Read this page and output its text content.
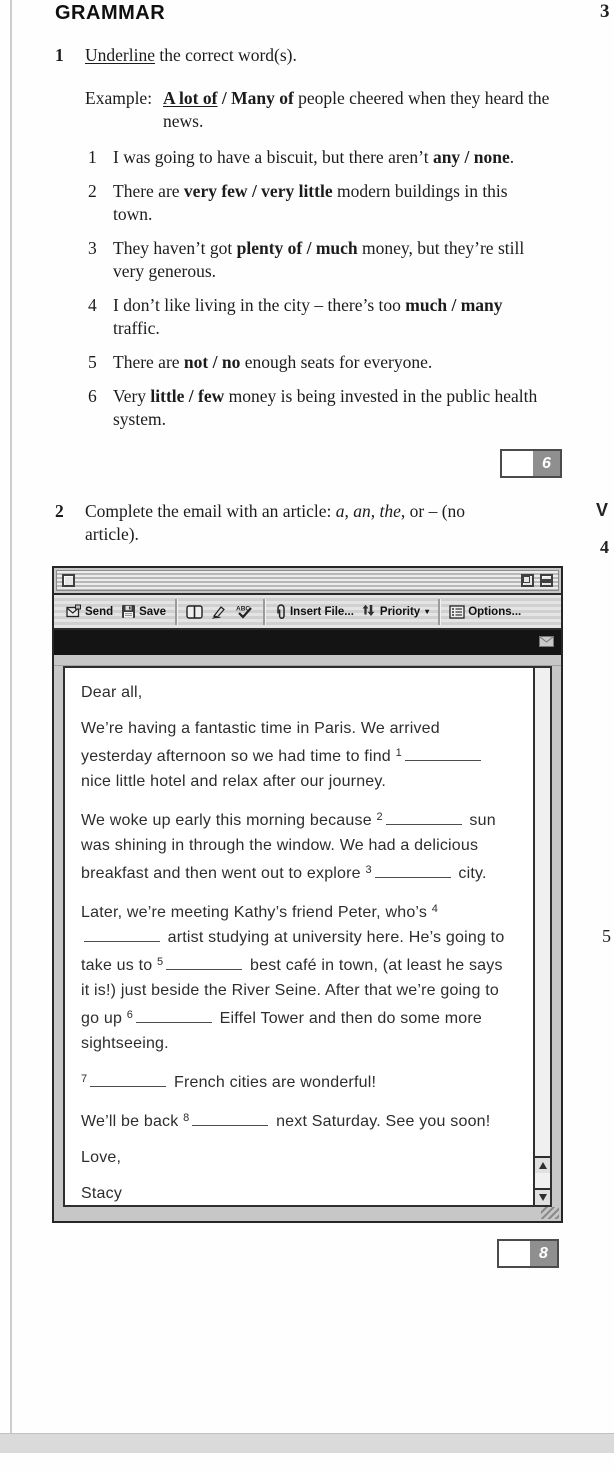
GRAMMAR	3
V
4
5
1	Underline the correct word(s).
Example: A lot of / Many of people cheered when they heard the news.
1 I was going to have a biscuit, but there aren’t any / none.
2 There are very few / very little modern buildings in this town.
3 They haven’t got plenty of / much money, but they’re still very generous.
4 I don’t like living in the city – there’s too much / many traffic.
5 There are not / no enough seats for everyone.
6 Very little / few money is being invested in the public health system.
6
2	Complete the email with an article: a, an, the, or – (no article).
Send Save	ABC	Insert File... Priority ▾	Options...
Dear all,
We’re having a fantastic time in Paris. We arrived yesterday afternoon so we had time to find $^1$ nice little hotel and relax after our journey.
We woke up early this morning because $^2$	sun was shining in through the window. We had a delicious breakfast and then went out to explore $^3$	city.
Later, we’re meeting Kathy’s friend Peter, who’s $^4$ artist studying at university here. He’s going to take us to $^5$	best café in town, (at least he says it is!) just beside the River Seine. After that we’re going to go up $^6$	Eiffel Tower and then do some more sightseeing.
$^7$	French cities are wonderful!
We’ll be back $^8$	next Saturday. See you soon!
Love,
Stacy
8
